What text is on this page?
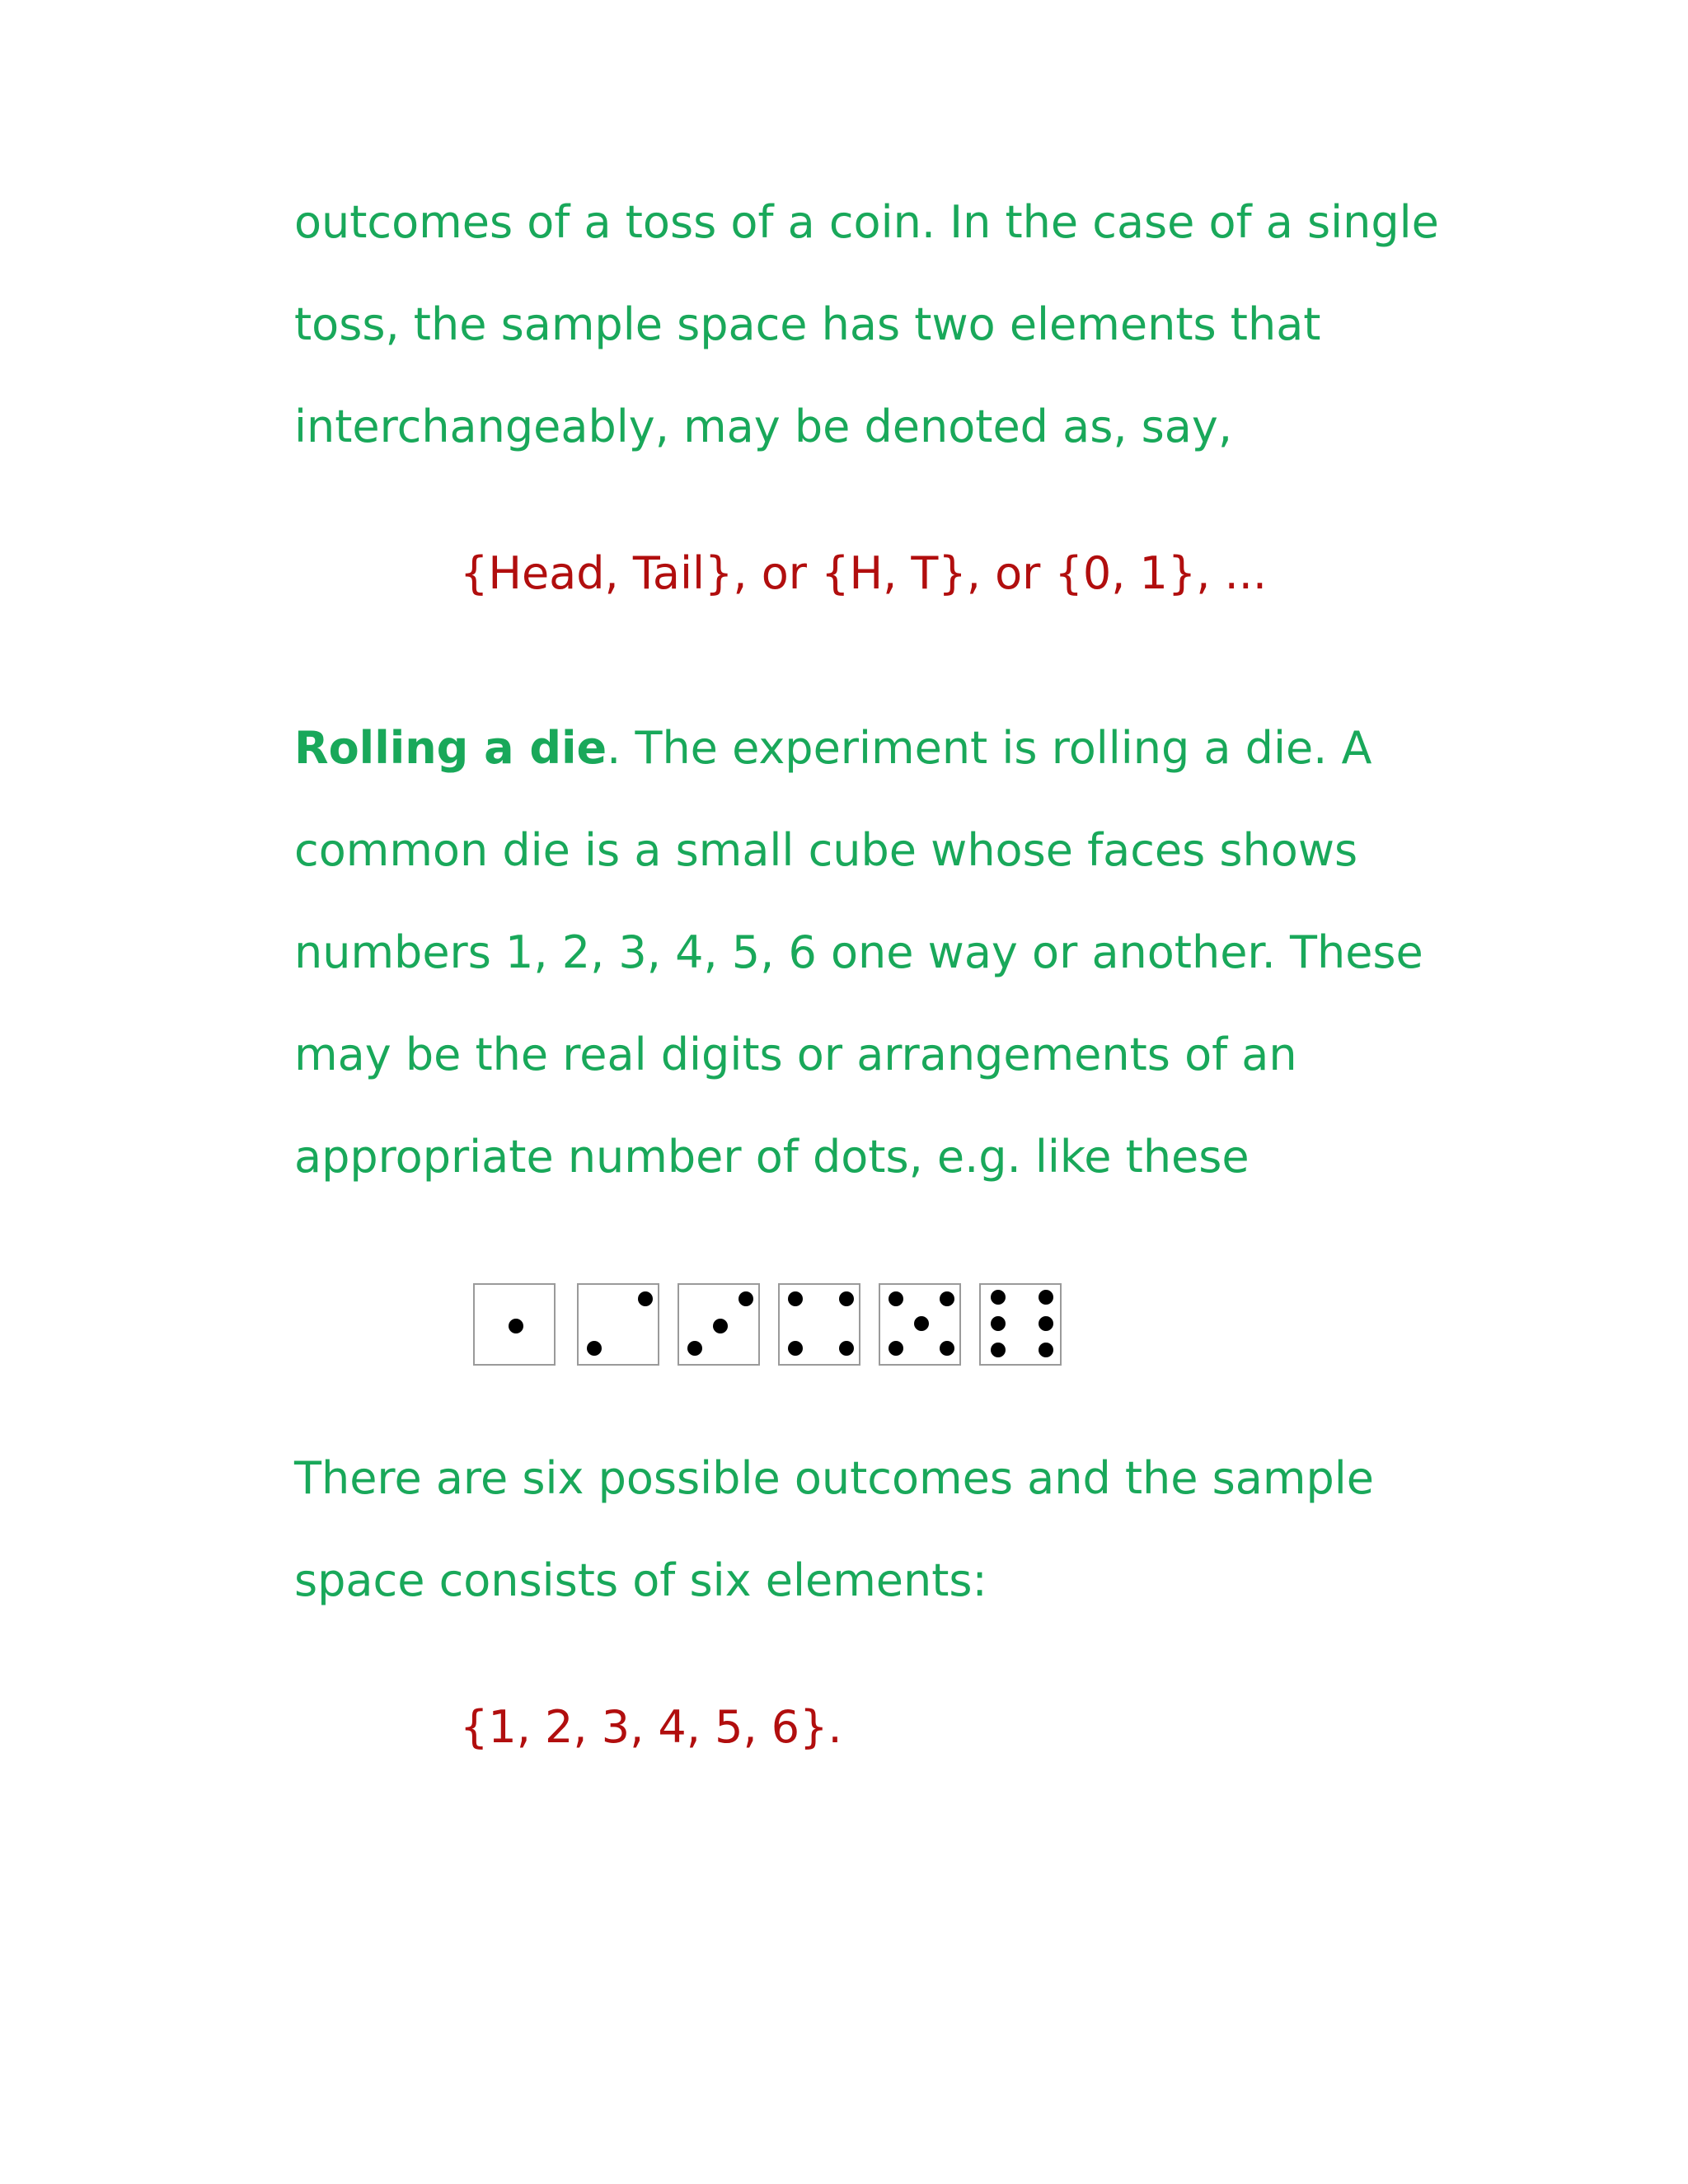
outcomes of a toss of a coin. In the case of a single
toss, the sample space has two elements that
interchangeably, may be denoted as, say,
{Head, Tail}, or {H, T}, or {0, 1}, ...
Rolling a die. The experiment is rolling a die. A
common die is a small cube whose faces shows
numbers 1, 2, 3, 4, 5, 6 one way or another. These
may be the real digits or arrangements of an
appropriate number of dots, e.g. like these
There are six possible outcomes and the sample
space consists of six elements:
{1, 2, 3, 4, 5, 6}.
